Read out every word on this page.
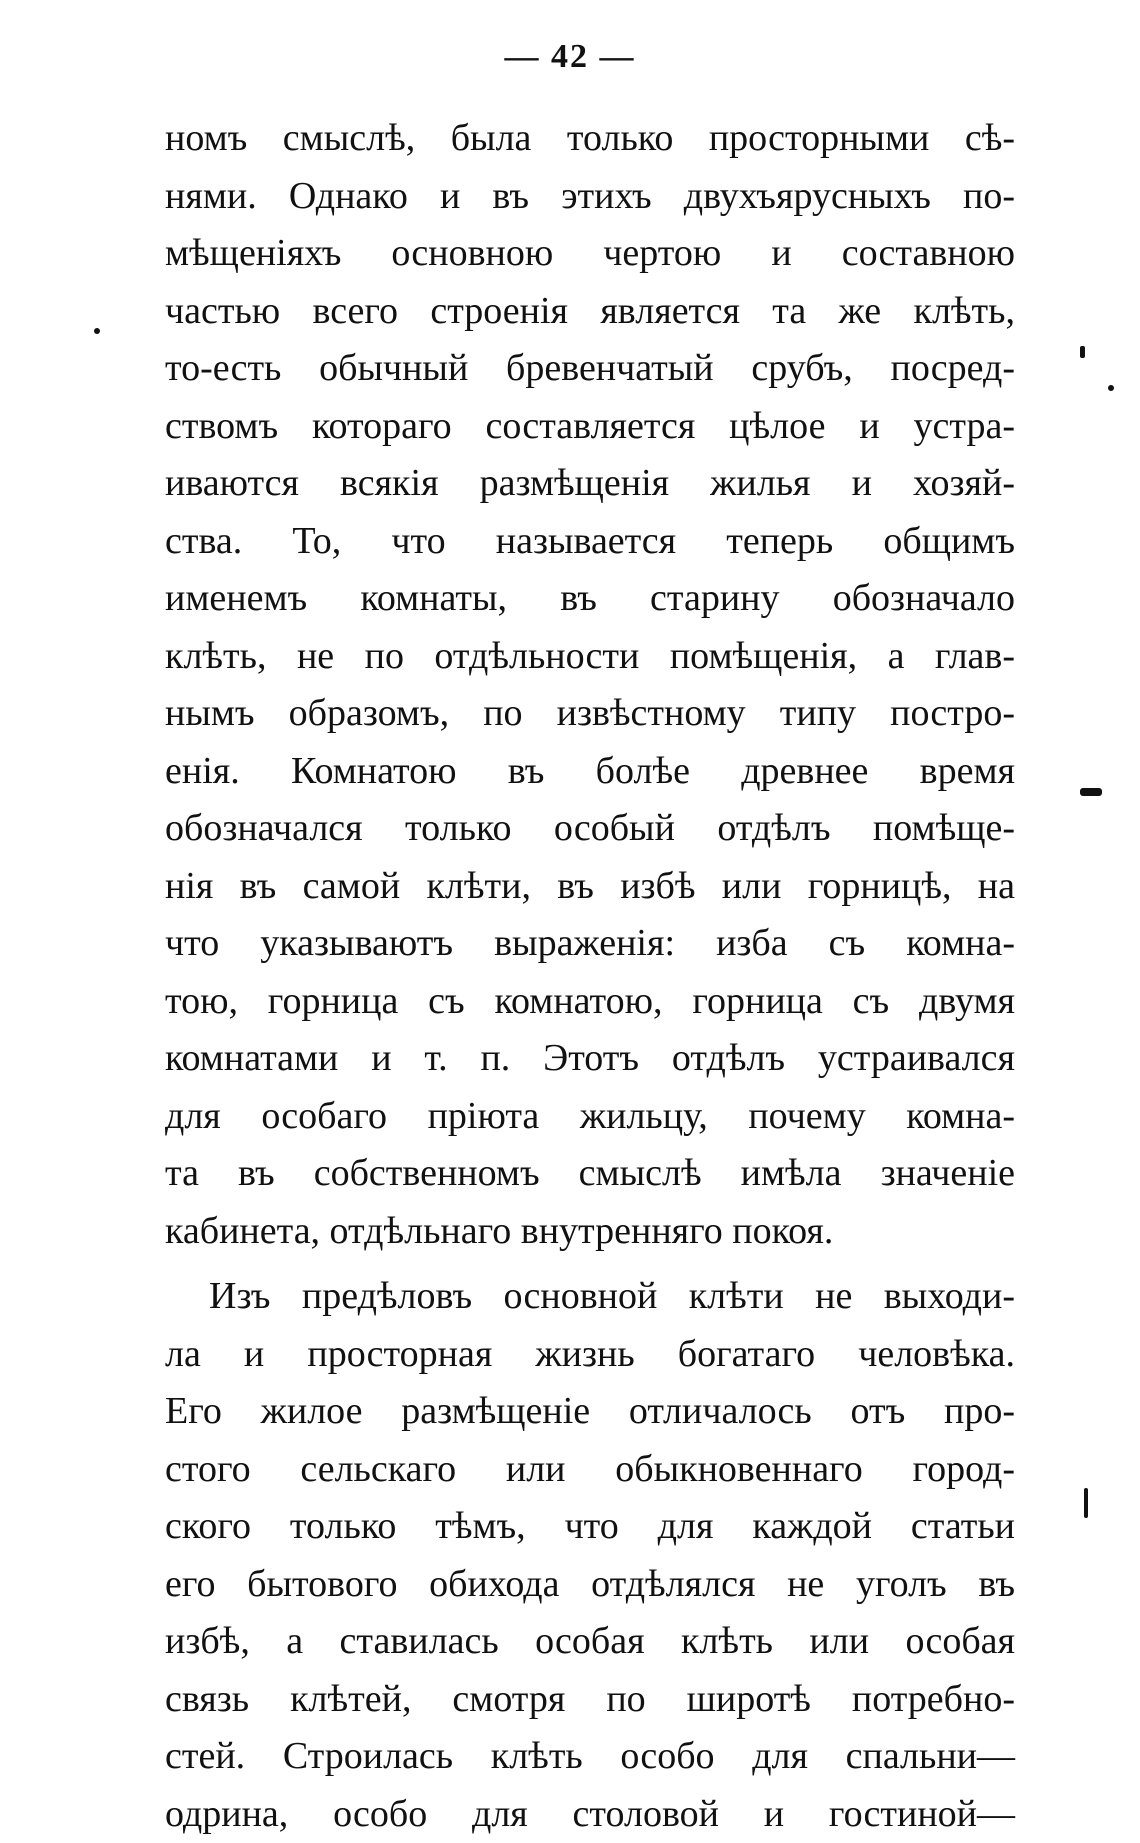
— 42 —
номъ смыслѣ, была только просторными сѣ-
нями. Однако и въ этихъ двухъярусныхъ по-
мѣщеніяхъ основною чертою и составною
частью всего строенія является та же клѣть,
то-есть обычный бревенчатый срубъ, посред-
ствомъ котораго составляется цѣлое и устра-
иваются всякія размѣщенія жилья и хозяй-
ства. То, что называется теперь общимъ
именемъ комнаты, въ старину обозначало
клѣть, не по отдѣльности помѣщенія, а глав-
нымъ образомъ, по извѣстному типу постро-
енія. Комнатою въ болѣе древнее время
обозначался только особый отдѣлъ помѣще-
нія въ самой клѣти, въ избѣ или горницѣ, на
что указываютъ выраженія: изба съ комна-
тою, горница съ комнатою, горница съ двумя
комнатами и т. п. Этотъ отдѣлъ устраивался
для особаго пріюта жильцу, почему комна-
та въ собственномъ смыслѣ имѣла значеніе
кабинета, отдѣльнаго внутренняго покоя.
Изъ предѣловъ основной клѣти не выходи-
ла и просторная жизнь богатаго человѣка.
Его жилое размѣщеніе отличалось отъ про-
стого сельскаго или обыкновеннаго город-
ского только тѣмъ, что для каждой статьи
его бытового обихода отдѣлялся не уголъ въ
избѣ, а ставилась особая клѣть или особая
связь клѣтей, смотря по широтѣ потребно-
стей. Строилась клѣть особо для спальни—
одрина, особо для столовой и гостиной—
